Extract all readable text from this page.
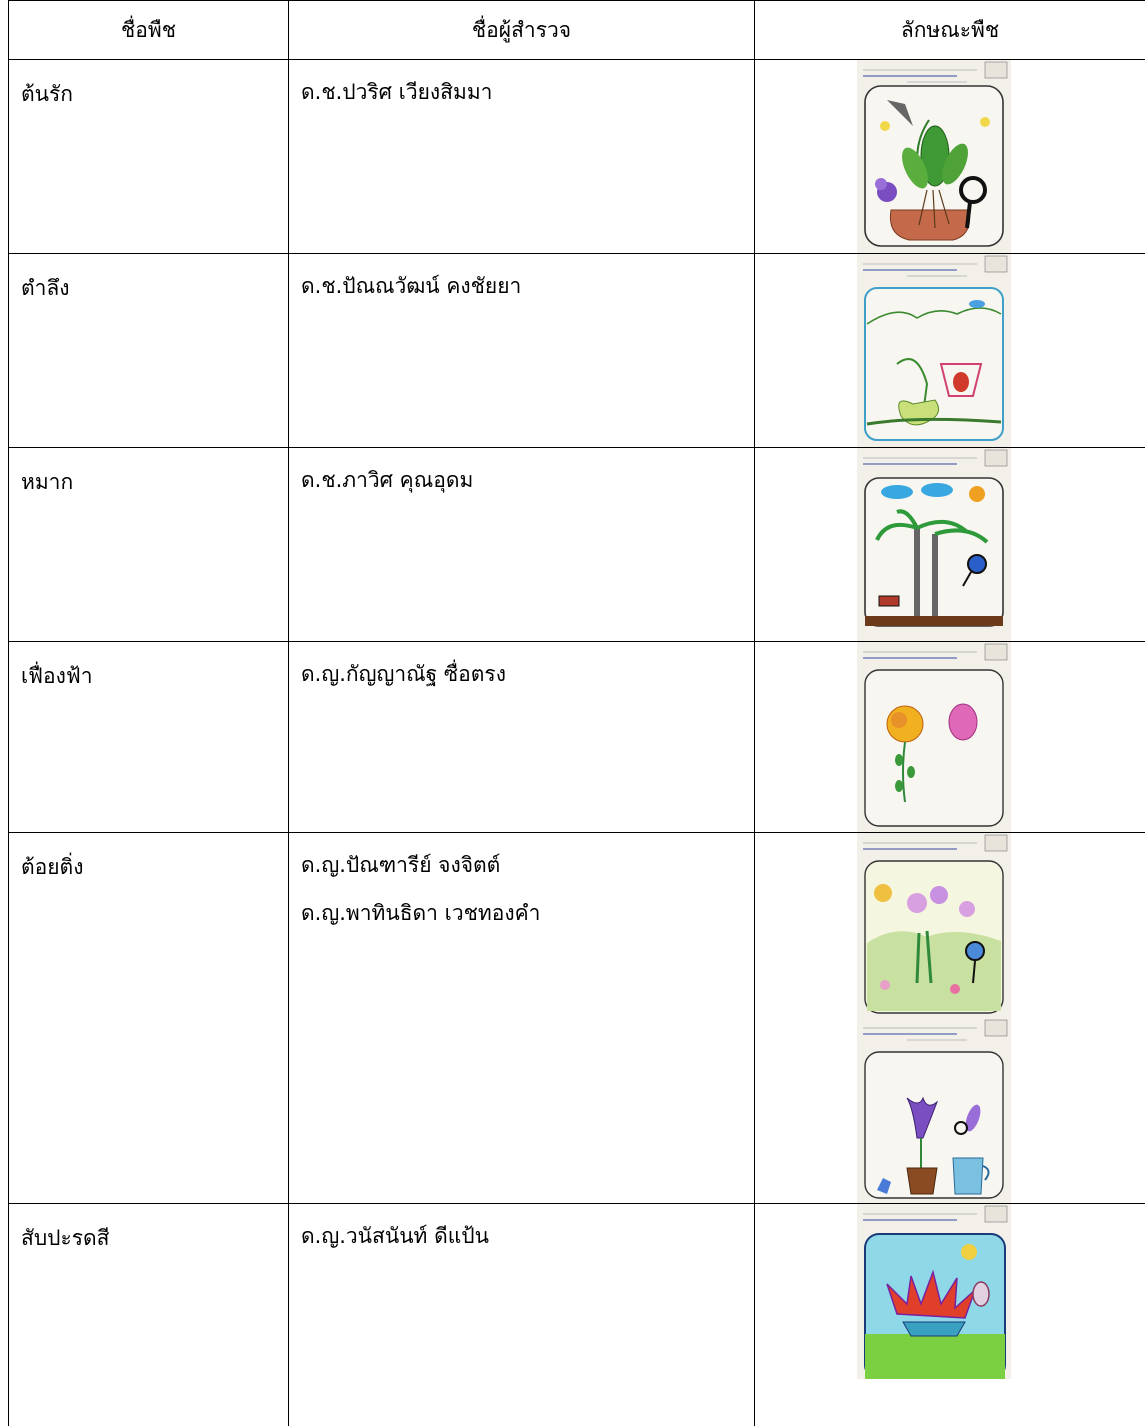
ชื่อพืช	ชื่อผู้สำรวจ	ลักษณะพืช
ต้นรัก	ด.ช.ปวริศ เวียงสิมมา

ตำลึง	ด.ช.ปัณณวัฒน์ คงชัยยา

หมาก	ด.ช.ภาวิศ คุณอุดม

เฟื่องฟ้า	ด.ญ.กัญญาณัฐ ซื่อตรง

ต้อยติ่ง	ด.ญ.ปัณฑารีย์ จงจิตต์
ด.ญ.พาทินธิดา เวชทองคำ

สับปะรดสี	ด.ญ.วนัสนันท์ ดีแป้น
